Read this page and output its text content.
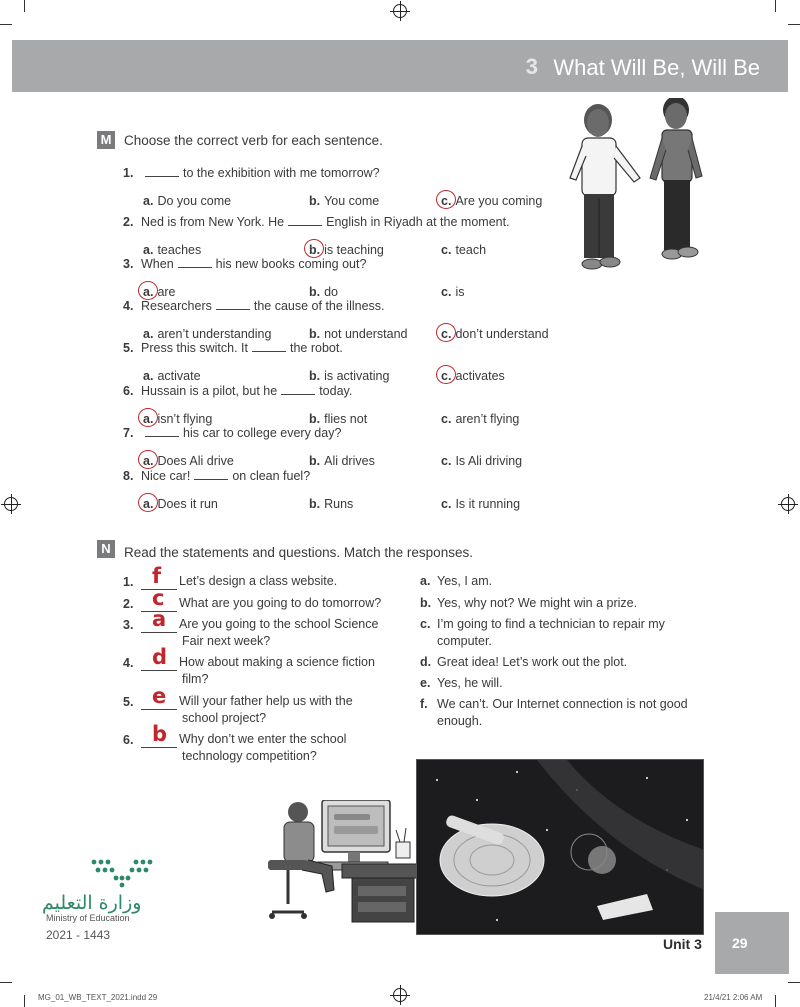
3 What Will Be, Will Be
M Choose the correct verb for each sentence.
1.	to the exhibition with me tomorrow?
a. Do you come	b. You come	c. Are you coming
2. Ned is from New York. He	English in Riyadh at the moment.
a. teaches	b. is teaching	c. teach
3. When	his new books coming out?
a. are	b. do	c. is
4. Researchers	the cause of the illness.
a. aren’t understanding	b. not understand	c. don’t understand
5. Press this switch. It	the robot.
a. activate	b. is activating	c. activates
6. Hussain is a pilot, but he	today.
a. isn’t flying	b. flies not	c. aren’t flying
7.	his car to college every day?
a. Does Ali drive	b. Ali drives	c. Is Ali driving
8. Nice car!	on clean fuel?
a. Does it run	b. Runs	c. Is it running
N Read the statements and questions. Match the responses.
1. f Let’s design a class website.
2. c What are you going to do tomorrow?
3. a Are you going to the school Science
Fair next week?
4. d How about making a science fiction
film?
5. e Will your father help us with the
school project?
6. b Why don’t we enter the school
technology competition?
a. Yes, I am.
b. Yes, why not? We might win a prize.
c. I’m going to find a technician to repair my
computer.
d. Great idea! Let’s work out the plot.
e. Yes, he will.
f. We can’t. Our Internet connection is not good
enough.
وزارة التعليم
Ministry of Education
2021 - 1443
Unit 3 29
MG_01_WB_TEXT_2021.indd 29	21/4/21 2:06 AM
